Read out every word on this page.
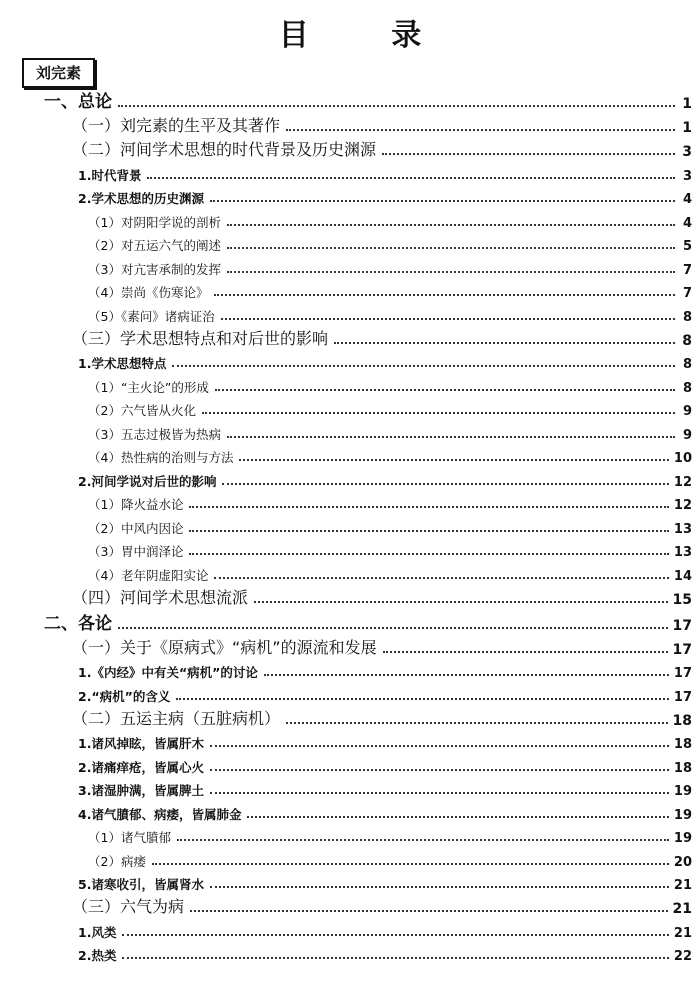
目 录
刘完素
一、总论	1
（一）刘完素的生平及其著作	1
（二）河间学术思想的时代背景及历史渊源	3
1.时代背景	3
2.学术思想的历史渊源	4
（1）对阴阳学说的剖析	4
（2）对五运六气的阐述	5
（3）对亢害承制的发挥	7
（4）崇尚《伤寒论》	7
（5）《素问》诸病证治	8
（三）学术思想特点和对后世的影响	8
1.学术思想特点	8
（1）“主火论”的形成	8
（2）六气皆从火化	9
（3）五志过极皆为热病	9
（4）热性病的治则与方法	10
2.河间学说对后世的影响	12
（1）降火益水论	12
（2）中风内因论	13
（3）胃中润泽论	13
（4）老年阴虚阳实论	14
（四）河间学术思想流派	15
二、各论	17
（一）关于《原病式》“病机”的源流和发展	17
1.《内经》中有关“病机”的讨论	17
2.“病机”的含义	17
（二）五运主病（五脏病机）	18
1.诸风掉眩，皆属肝木	18
2.诸痛痒疮，皆属心火	18
3.诸湿肿满，皆属脾土	19
4.诸气膹郁、病痿，皆属肺金	19
（1）诸气膹郁	19
（2）病痿	20
5.诸寒收引，皆属肾水	21
（三）六气为病	21
1.风类	21
2.热类	22
